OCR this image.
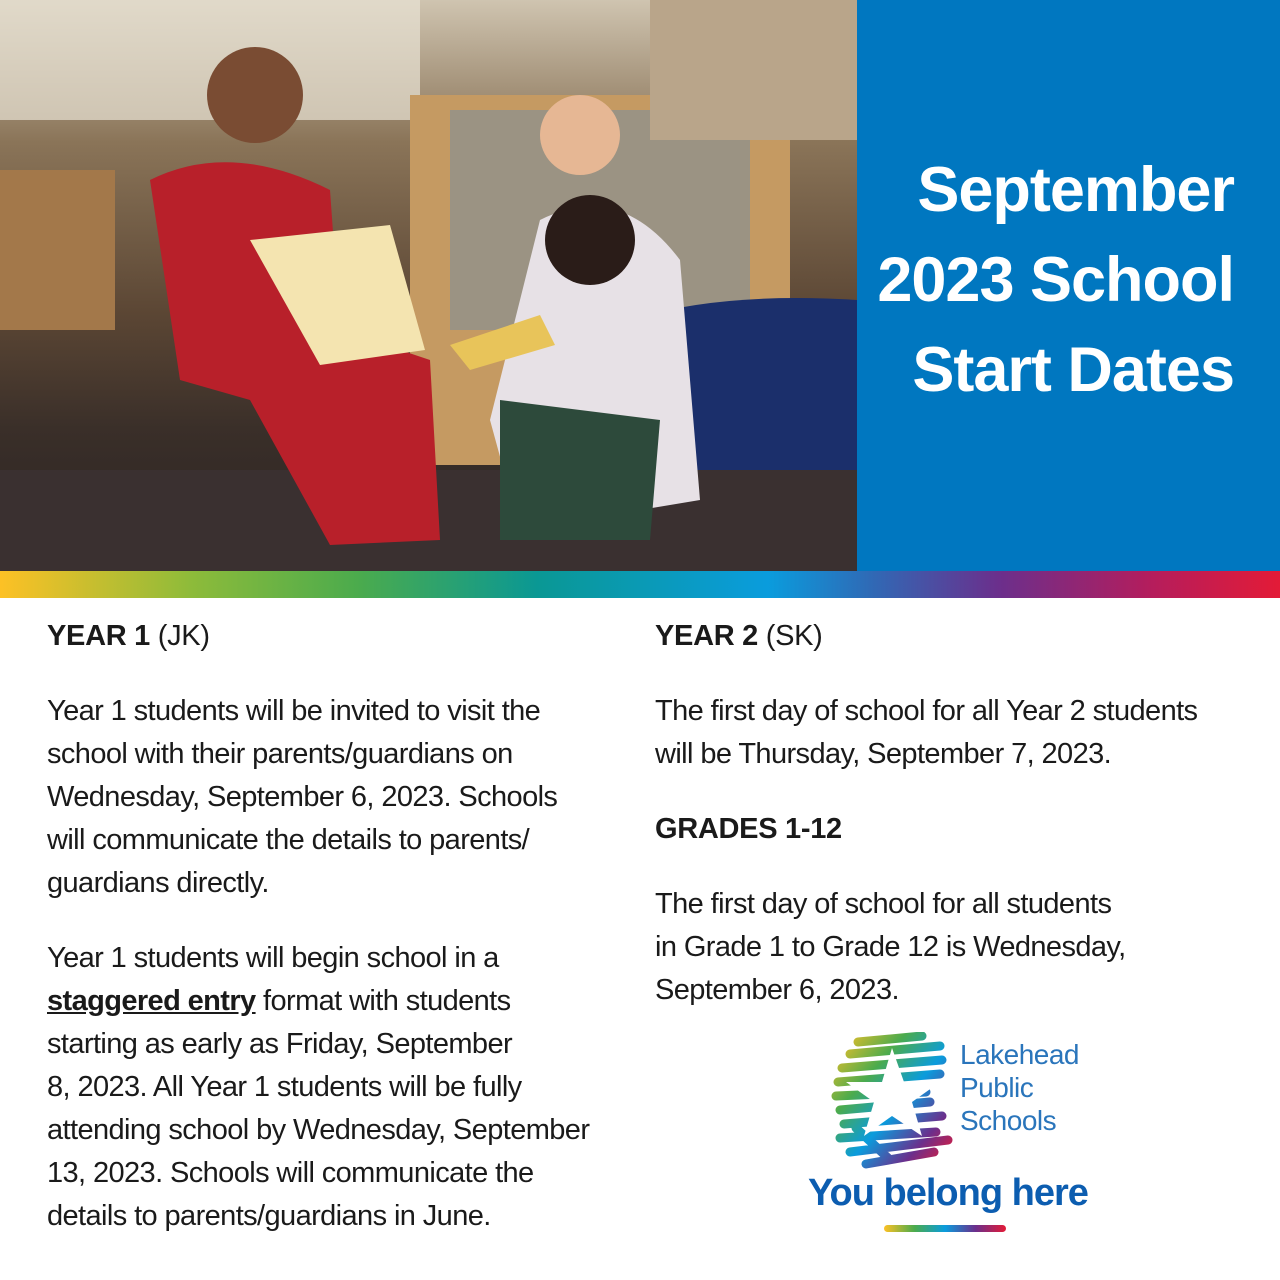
September
2023 School
Start Dates
YEAR 1 (JK)
Year 1 students will be invited to visit the
school with their parents/guardians on
Wednesday, September 6, 2023. Schools
will communicate the details to parents/
guardians directly.
Year 1 students will begin school in a
staggered entry format with students
starting as early as Friday, September
8, 2023. All Year 1 students will be fully
attending school by Wednesday, September
13, 2023. Schools will communicate the
details to parents/guardians in June.
YEAR 2 (SK)
The first day of school for all Year 2 students
will be Thursday, September 7, 2023.
GRADES 1-12
The first day of school for all students
in Grade 1 to Grade 12 is Wednesday,
September 6, 2023.
Lakehead
Public
Schools
You belong here
